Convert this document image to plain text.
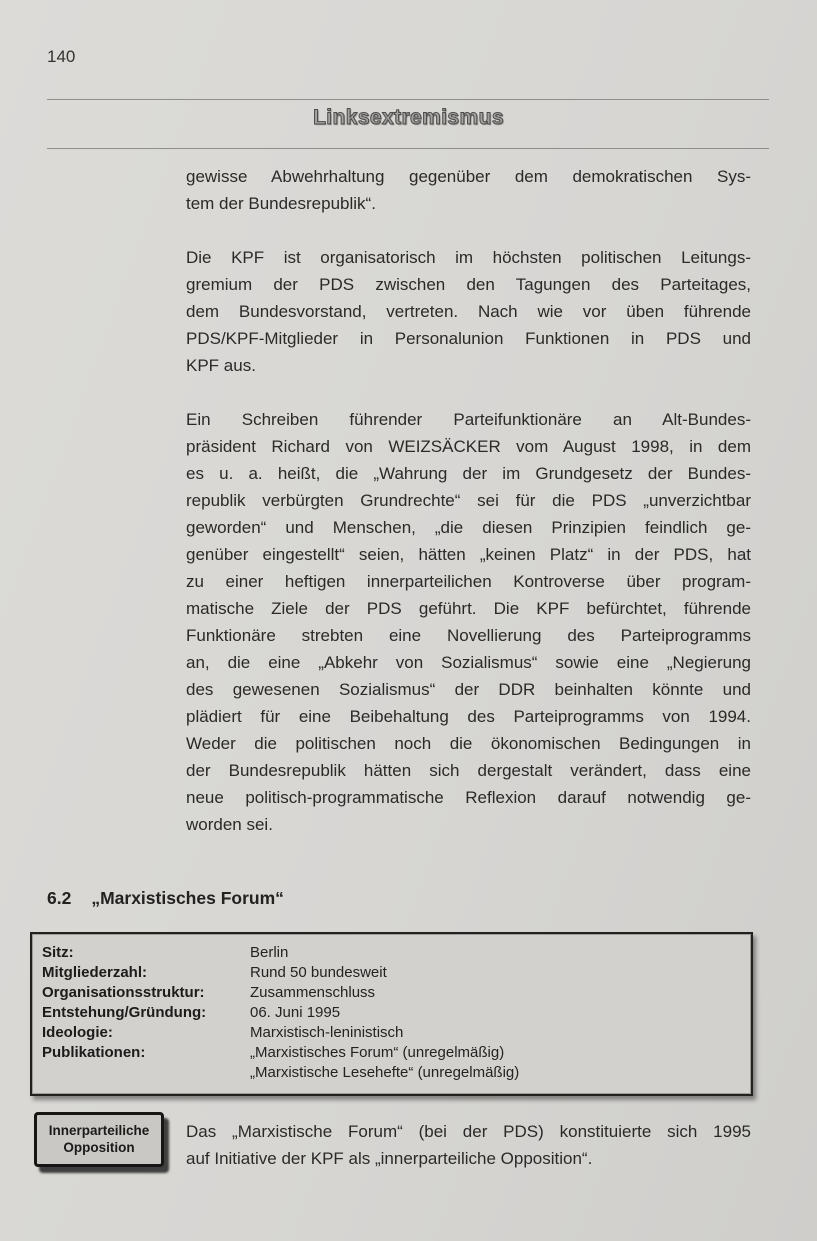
140
Linksextremismus
gewisse Abwehrhaltung gegenüber dem demokratischen Sys-
tem der Bundesrepublik“.
Die KPF ist organisatorisch im höchsten politischen Leitungs-
gremium der PDS zwischen den Tagungen des Parteitages,
dem Bundesvorstand, vertreten. Nach wie vor üben führende
PDS/KPF-Mitglieder in Personalunion Funktionen in PDS und
KPF aus.
Ein Schreiben führender Parteifunktionäre an Alt-Bundes-
präsident Richard von WEIZSÄCKER vom August 1998, in dem
es u. a. heißt, die „Wahrung der im Grundgesetz der Bundes-
republik verbürgten Grundrechte“ sei für die PDS „unverzichtbar
geworden“ und Menschen, „die diesen Prinzipien feindlich ge-
genüber eingestellt“ seien, hätten „keinen Platz“ in der PDS, hat
zu einer heftigen innerparteilichen Kontroverse über program-
matische Ziele der PDS geführt. Die KPF befürchtet, führende
Funktionäre strebten eine Novellierung des Parteiprogramms
an, die eine „Abkehr von Sozialismus“ sowie eine „Negierung
des gewesenen Sozialismus“ der DDR beinhalten könnte und
plädiert für eine Beibehaltung des Parteiprogramms von 1994.
Weder die politischen noch die ökonomischen Bedingungen in
der Bundesrepublik hätten sich dergestalt verändert, dass eine
neue politisch-programmatische Reflexion darauf notwendig ge-
worden sei.
6.2 „Marxistisches Forum“
Sitz:	Berlin
Mitgliederzahl:	Rund 50 bundesweit
Organisationsstruktur:	Zusammenschluss
Entstehung/Gründung:	06. Juni 1995
Ideologie:	Marxistisch-leninistisch
Publikationen:	„Marxistisches Forum“ (unregelmäßig)
„Marxistische Lesehefte“ (unregelmäßig)
Innerparteiliche
Opposition
Das „Marxistische Forum“ (bei der PDS) konstituierte sich 1995
auf Initiative der KPF als „innerparteiliche Opposition“.
